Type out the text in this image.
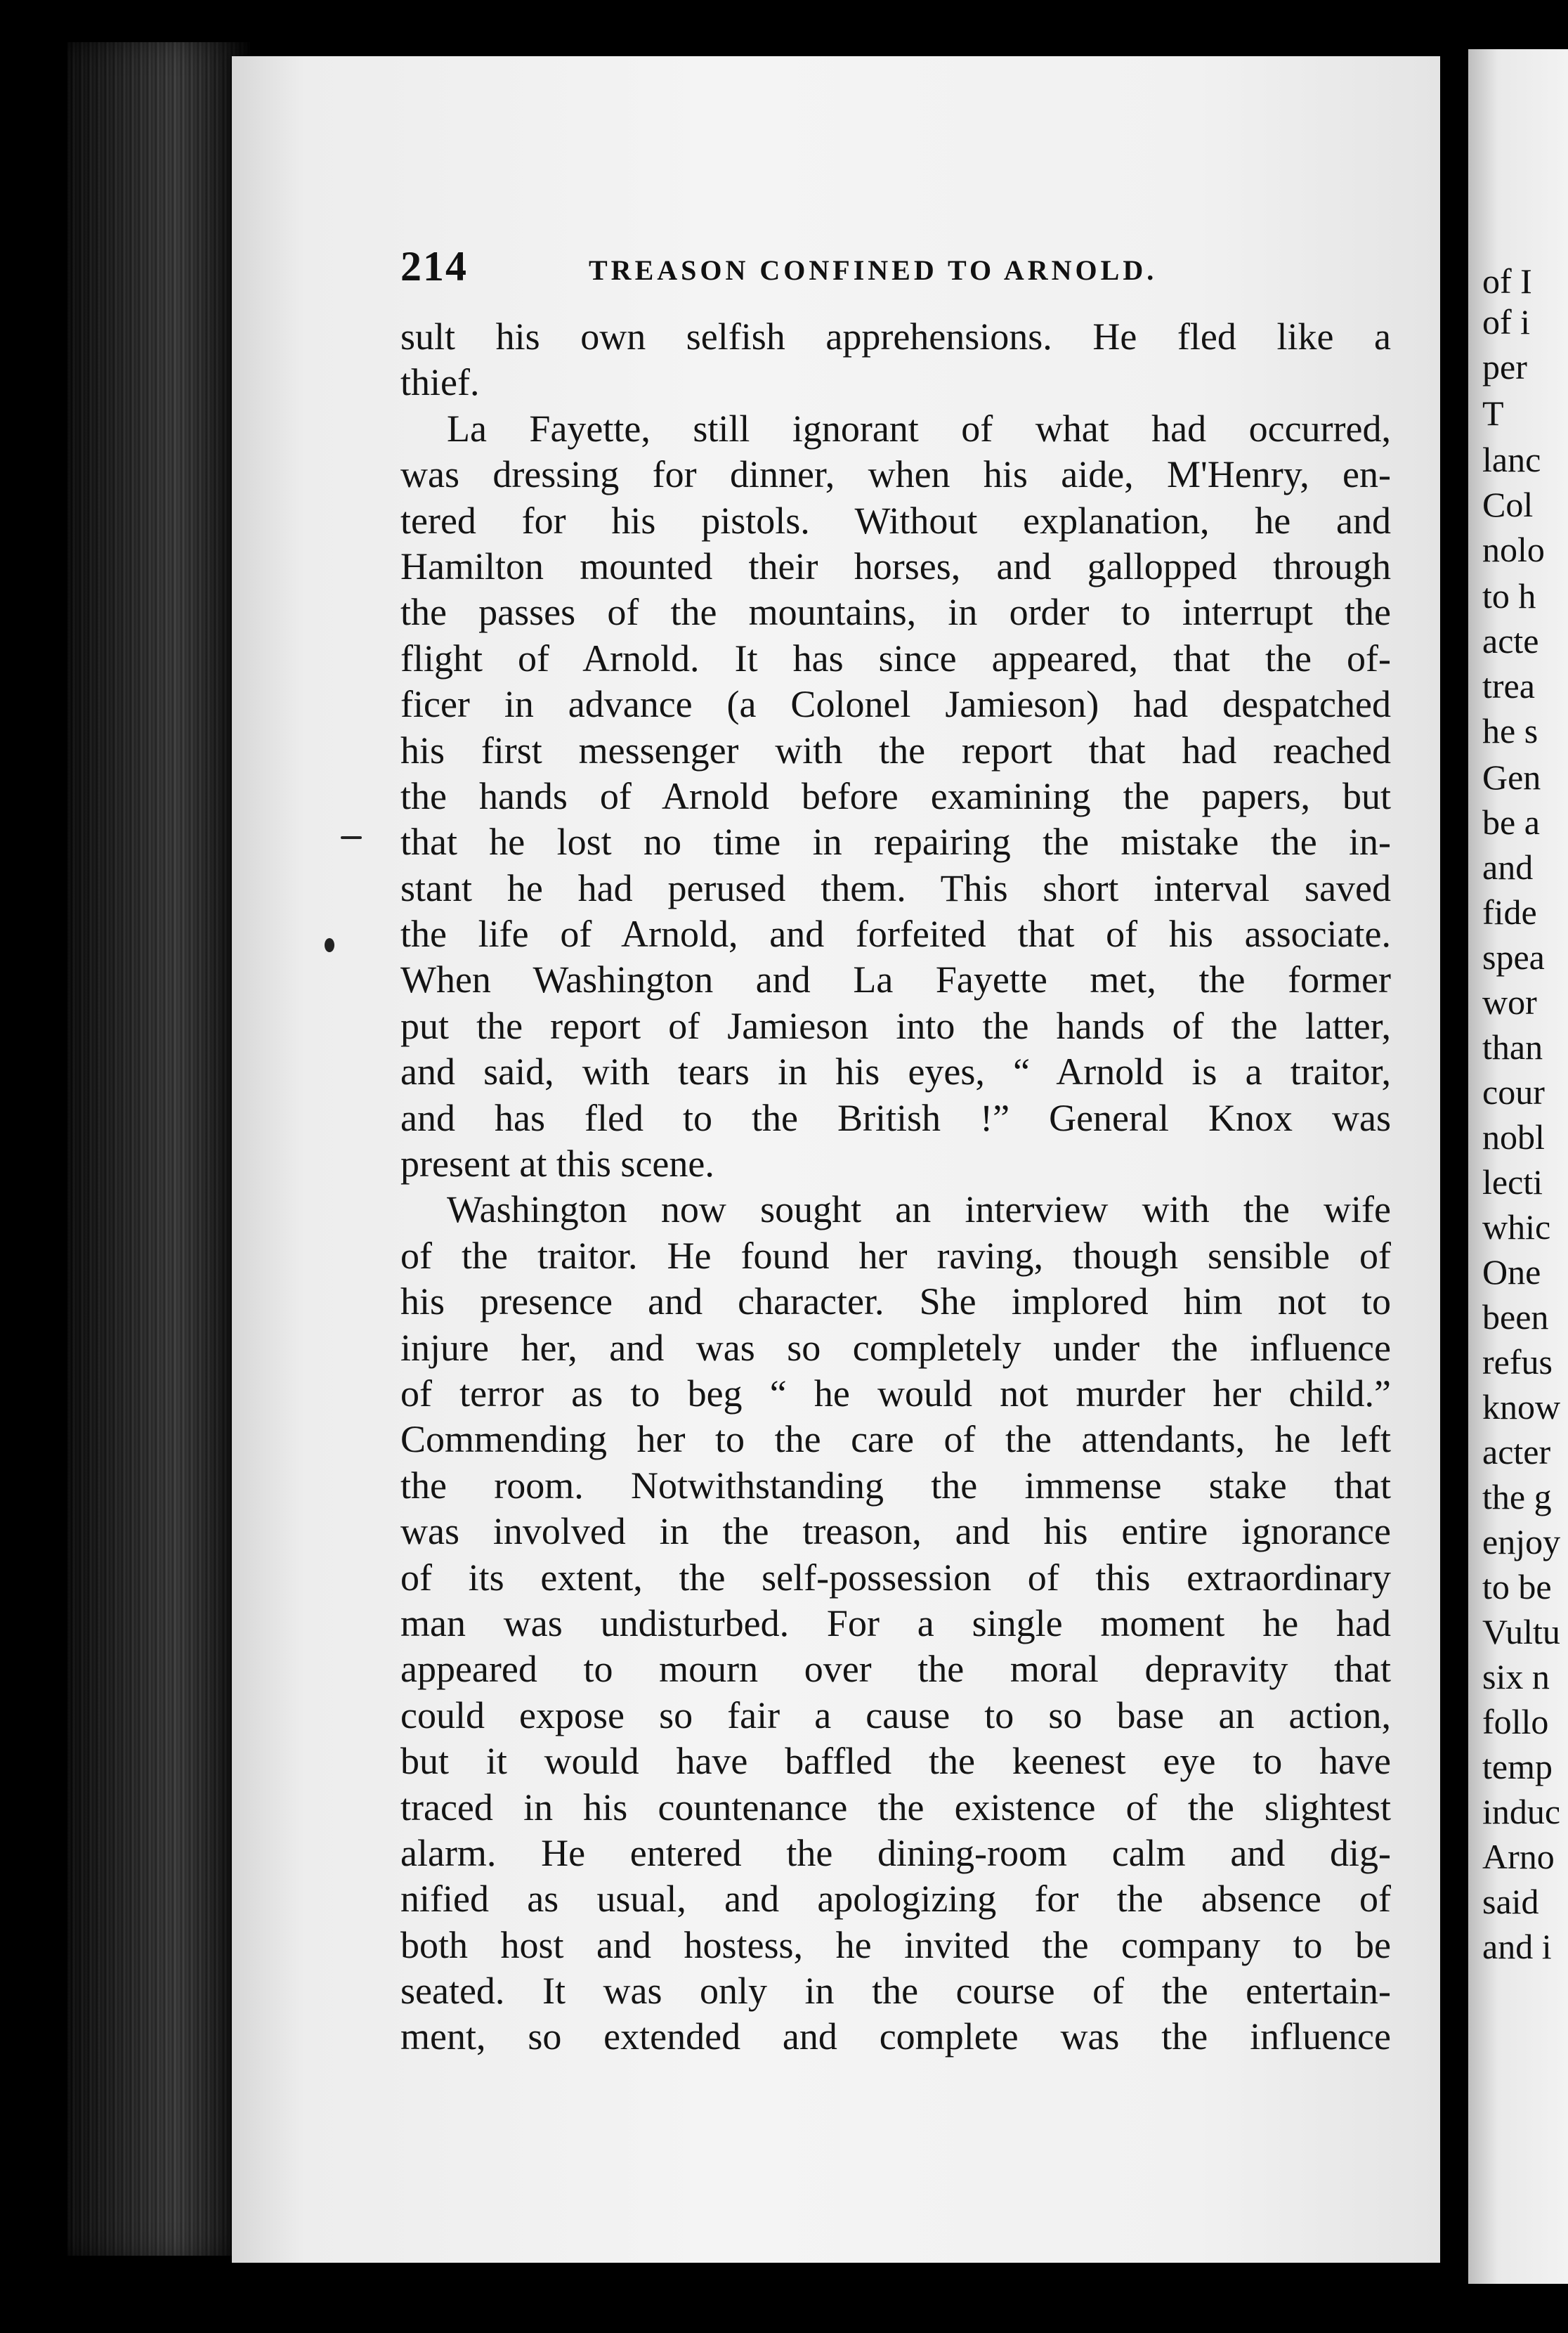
of I
of i
per
T
lanc
Col
nolo
to h
acte
trea
he s
Gen
be a
and
fide
spea
wor
than
cour
nobl
lecti
whic
One
been
refus
know
acter
the g
enjoy
to be
Vultu
six n
follo
temp
induc
Arno
said
and i
214	TREASON CONFINED TO ARNOLD.
sult his own selfish apprehensions. He fled like a
thief.
La Fayette, still ignorant of what had occurred,
was dressing for dinner, when his aide, M'Henry, en-
tered for his pistols. Without explanation, he and
Hamilton mounted their horses, and gallopped through
the passes of the mountains, in order to interrupt the
flight of Arnold. It has since appeared, that the of-
ficer in advance (a Colonel Jamieson) had despatched
his first messenger with the report that had reached
the hands of Arnold before examining the papers, but
that he lost no time in repairing the mistake the in-
stant he had perused them. This short interval saved
the life of Arnold, and forfeited that of his associate.
When Washington and La Fayette met, the former
put the report of Jamieson into the hands of the latter,
and said, with tears in his eyes, “ Arnold is a traitor,
and has fled to the British !” General Knox was
present at this scene.
Washington now sought an interview with the wife
of the traitor. He found her raving, though sensible of
his presence and character. She implored him not to
injure her, and was so completely under the influence
of terror as to beg “ he would not murder her child.”
Commending her to the care of the attendants, he left
the room. Notwithstanding the immense stake that
was involved in the treason, and his entire ignorance
of its extent, the self-possession of this extraordinary
man was undisturbed. For a single moment he had
appeared to mourn over the moral depravity that
could expose so fair a cause to so base an action,
but it would have baffled the keenest eye to have
traced in his countenance the existence of the slightest
alarm. He entered the dining-room calm and dig-
nified as usual, and apologizing for the absence of
both host and hostess, he invited the company to be
seated. It was only in the course of the entertain-
ment, so extended and complete was the influence
